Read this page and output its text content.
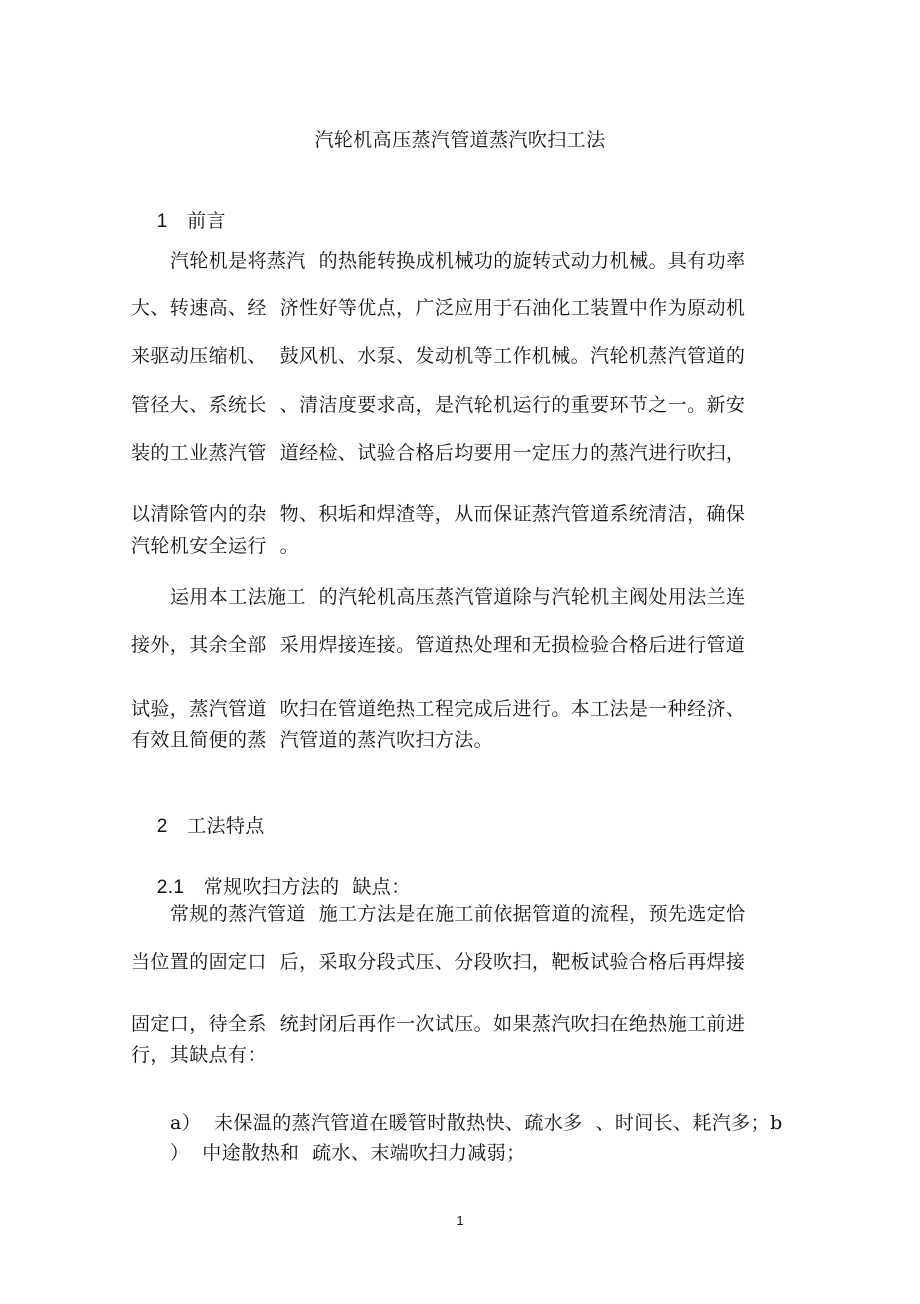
汽轮机高压蒸汽管道蒸汽吹扫工法

1 前言

汽轮机是将蒸汽  的热能转换成机械功的旋转式动力机械。具有功率
大、转速高、经  济性好等优点，广泛应用于石油化工装置中作为原动机
来驱动压缩机、  鼓风机、水泵、发动机等工作机械。汽轮机蒸汽管道的
管径大、系统长  、清洁度要求高，是汽轮机运行的重要环节之一。新安
装的工业蒸汽管  道经检、试验合格后均要用一定压力的蒸汽进行吹扫，
以清除管内的杂  物、积垢和焊渣等，从而保证蒸汽管道系统清洁，确保
汽轮机安全运行  。
运用本工法施工  的汽轮机高压蒸汽管道除与汽轮机主阀处用法兰连
接外，其余全部  采用焊接连接。管道热处理和无损检验合格后进行管道
试验，蒸汽管道  吹扫在管道绝热工程完成后进行。本工法是一种经济、
有效且简便的蒸  汽管道的蒸汽吹扫方法。

2 工法特点

2.1 常规吹扫方法的  缺点：

常规的蒸汽管道  施工方法是在施工前依据管道的流程，预先选定恰
当位置的固定口  后，采取分段式压、分段吹扫，靶板试验合格后再焊接
固定口，待全系  统封闭后再作一次试压。如果蒸汽吹扫在绝热施工前进
行，其缺点有：
a）  未保温的蒸汽管道在暖管时散热快、疏水多  、时间长、耗汽多；b
）  中途散热和  疏水、末端吹扫力减弱；
1
